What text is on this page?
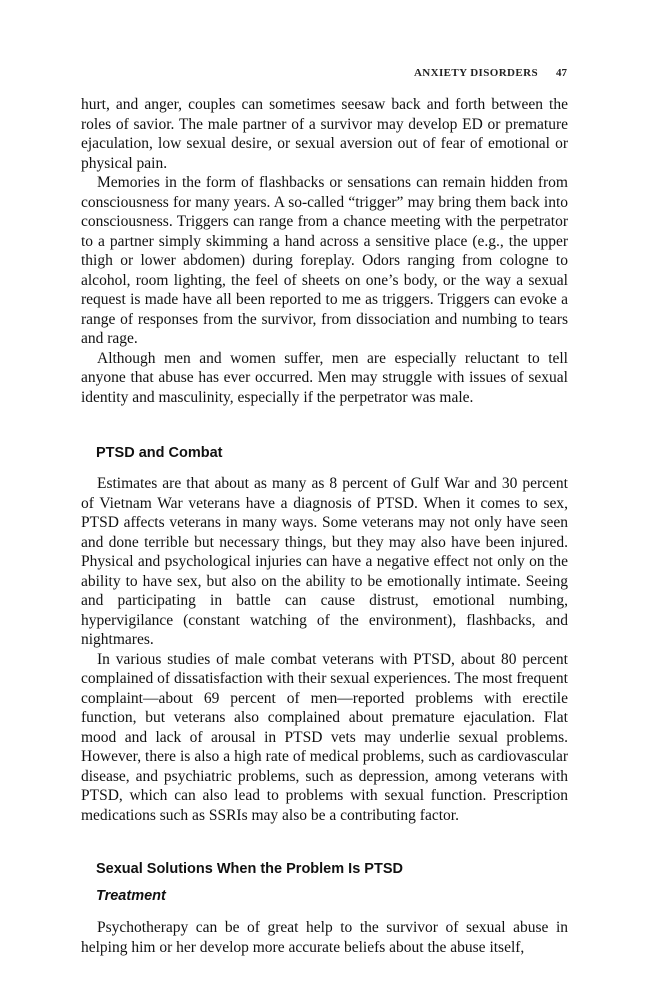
ANXIETY DISORDERS 47

hurt, and anger, couples can sometimes seesaw back and forth between the roles of savior. The male partner of a survivor may develop ED or premature ejaculation, low sexual desire, or sexual aversion out of fear of emotional or physical pain.

Memories in the form of flashbacks or sensations can remain hidden from consciousness for many years. A so-called “trigger” may bring them back into consciousness. Triggers can range from a chance meeting with the perpetrator to a partner simply skimming a hand across a sensitive place (e.g., the upper thigh or lower abdomen) during foreplay. Odors ranging from cologne to alcohol, room lighting, the feel of sheets on one’s body, or the way a sexual request is made have all been reported to me as triggers. Triggers can evoke a range of responses from the survivor, from dissociation and numbing to tears and rage.

Although men and women suffer, men are especially reluctant to tell anyone that abuse has ever occurred. Men may struggle with issues of sexual identity and masculinity, especially if the perpetrator was male.

PTSD and Combat

Estimates are that about as many as 8 percent of Gulf War and 30 percent of Vietnam War veterans have a diagnosis of PTSD. When it comes to sex, PTSD affects veterans in many ways. Some veterans may not only have seen and done terrible but necessary things, but they may also have been injured. Physical and psychological injuries can have a negative effect not only on the ability to have sex, but also on the ability to be emotionally intimate. Seeing and participating in battle can cause distrust, emotional numbing, hypervigilance (constant watching of the environment), flashbacks, and nightmares.

In various studies of male combat veterans with PTSD, about 80 percent complained of dissatisfaction with their sexual experiences. The most frequent complaint—about 69 percent of men—reported problems with erectile function, but veterans also complained about premature ejaculation. Flat mood and lack of arousal in PTSD vets may underlie sexual problems. However, there is also a high rate of medical problems, such as cardiovascular disease, and psychiatric problems, such as depression, among veterans with PTSD, which can also lead to problems with sexual function. Prescription medications such as SSRIs may also be a contributing factor.

Sexual Solutions When the Problem Is PTSD
Treatment

Psychotherapy can be of great help to the survivor of sexual abuse in helping him or her develop more accurate beliefs about the abuse itself,
